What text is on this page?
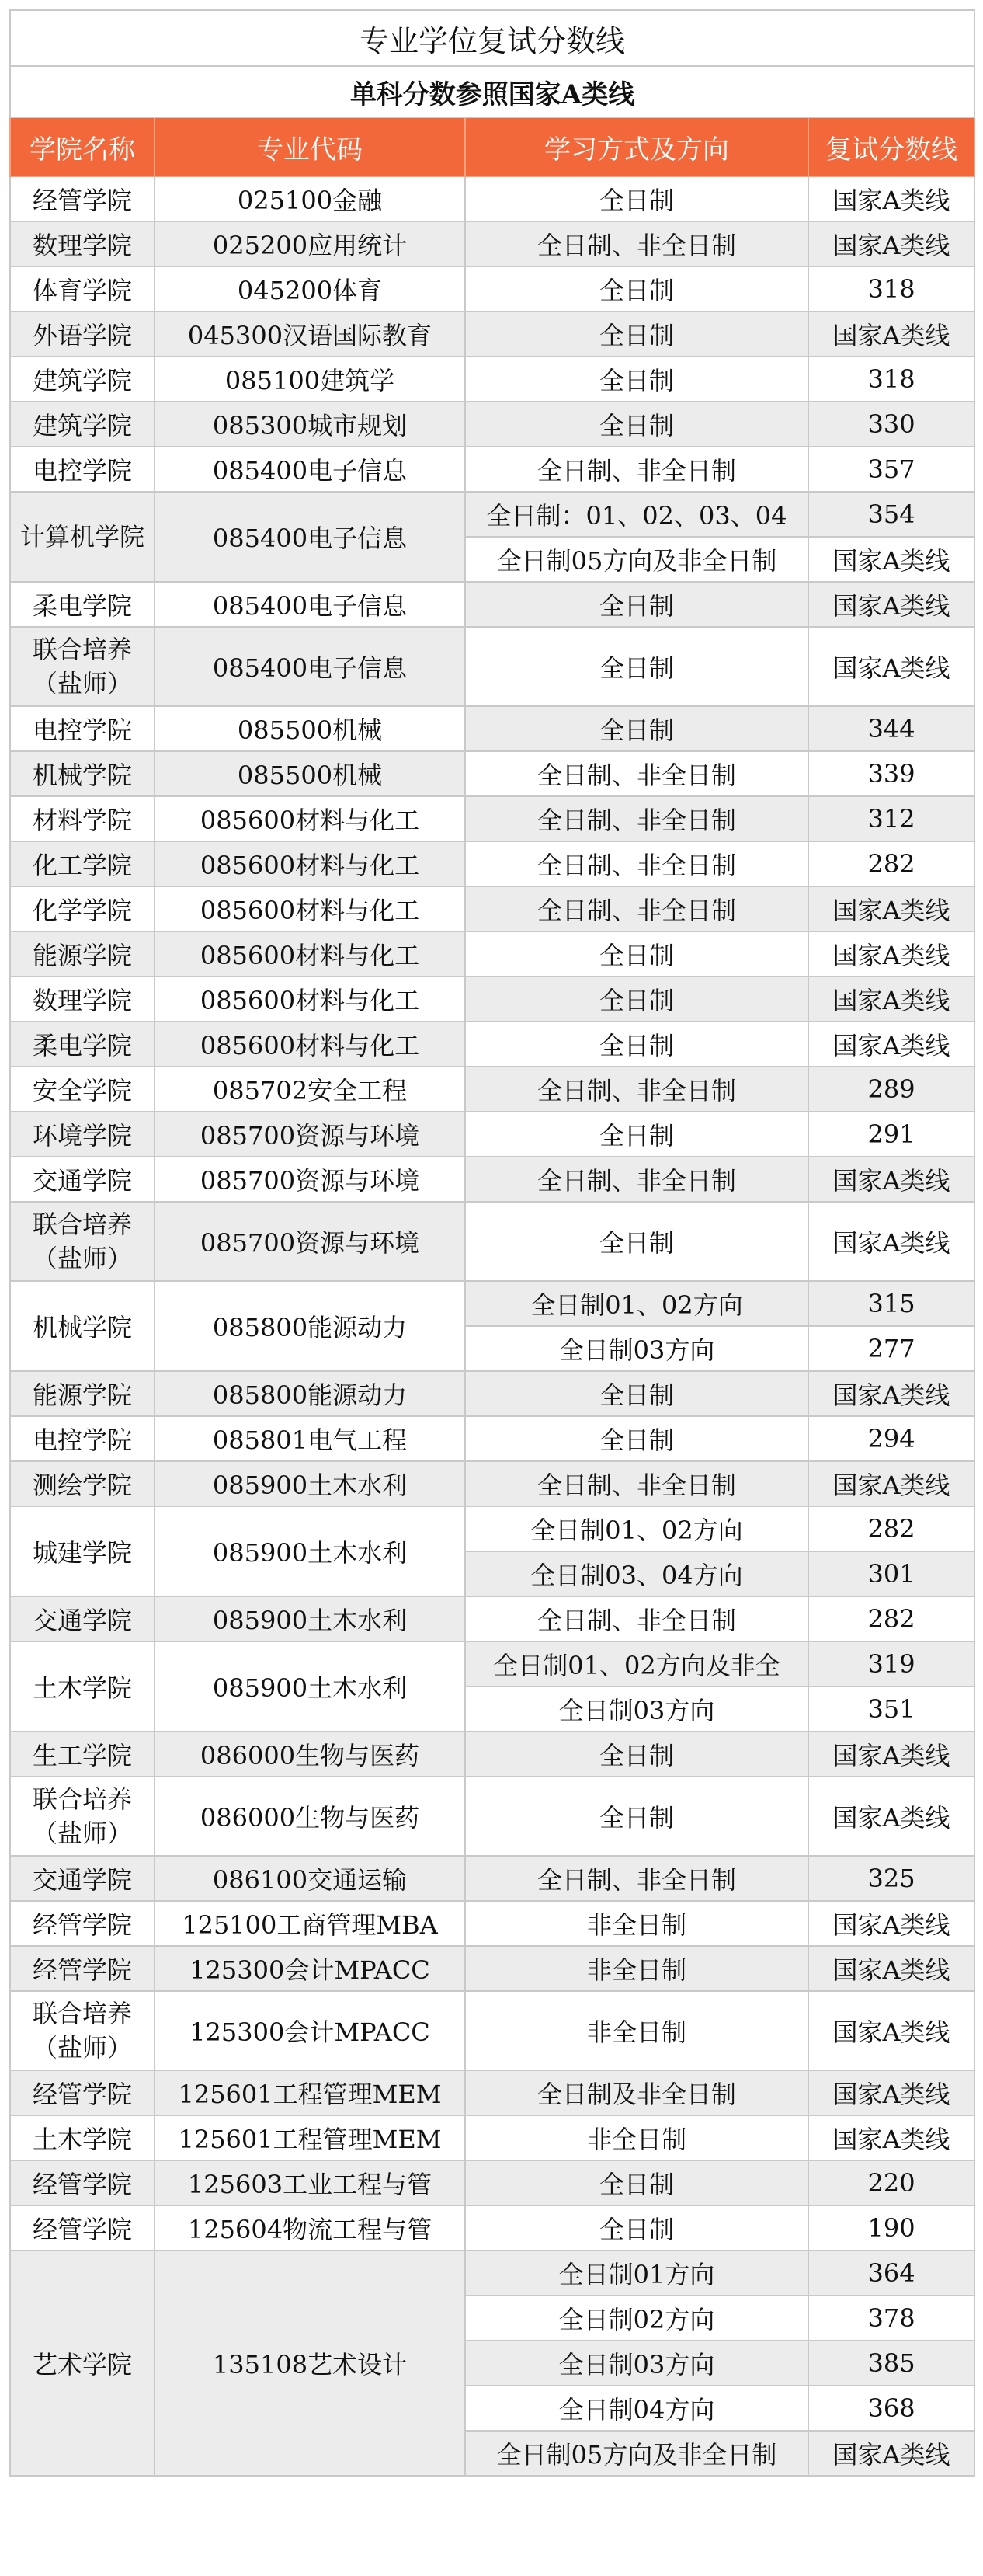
专业学位复试分数线			
单科分数参照国家A类线			
学院名称	专业代码	学习方式及方向	复试分数线
经管学院	025100金融	全日制	国家A类线
数理学院	025200应用统计	全日制、非全日制	国家A类线
体育学院	045200体育	全日制	318
外语学院	045300汉语国际教育	全日制	国家A类线
建筑学院	085100建筑学	全日制	318
建筑学院	085300城市规划	全日制	330
电控学院	085400电子信息	全日制、非全日制	357
计算机学院	085400电子信息	全日制：01、02、03、04	354
		全日制05方向及非全日制	国家A类线
柔电学院	085400电子信息	全日制	国家A类线
联合培养（盐师）	085400电子信息	全日制	国家A类线
电控学院	085500机械	全日制	344
机械学院	085500机械	全日制、非全日制	339
材料学院	085600材料与化工	全日制、非全日制	312
化工学院	085600材料与化工	全日制、非全日制	282
化学学院	085600材料与化工	全日制、非全日制	国家A类线
能源学院	085600材料与化工	全日制	国家A类线
数理学院	085600材料与化工	全日制	国家A类线
柔电学院	085600材料与化工	全日制	国家A类线
安全学院	085702安全工程	全日制、非全日制	289
环境学院	085700资源与环境	全日制	291
交通学院	085700资源与环境	全日制、非全日制	国家A类线
联合培养（盐师）	085700资源与环境	全日制	国家A类线
机械学院	085800能源动力	全日制01、02方向	315
		全日制03方向	277
能源学院	085800能源动力	全日制	国家A类线
电控学院	085801电气工程	全日制	294
测绘学院	085900土木水利	全日制、非全日制	国家A类线
城建学院	085900土木水利	全日制01、02方向	282
		全日制03、04方向	301
交通学院	085900土木水利	全日制、非全日制	282
土木学院	085900土木水利	全日制01、02方向及非全	319
		全日制03方向	351
生工学院	086000生物与医药	全日制	国家A类线
联合培养（盐师）	086000生物与医药	全日制	国家A类线
交通学院	086100交通运输	全日制、非全日制	325
经管学院	125100工商管理MBA	非全日制	国家A类线
经管学院	125300会计MPACC	非全日制	国家A类线
联合培养（盐师）	125300会计MPACC	非全日制	国家A类线
经管学院	125601工程管理MEM	全日制及非全日制	国家A类线
土木学院	125601工程管理MEM	非全日制	国家A类线
经管学院	125603工业工程与管	全日制	220
经管学院	125604物流工程与管	全日制	190
艺术学院	135108艺术设计	全日制01方向	364
		全日制02方向	378
		全日制03方向	385
		全日制04方向	368
		全日制05方向及非全日制	国家A类线
